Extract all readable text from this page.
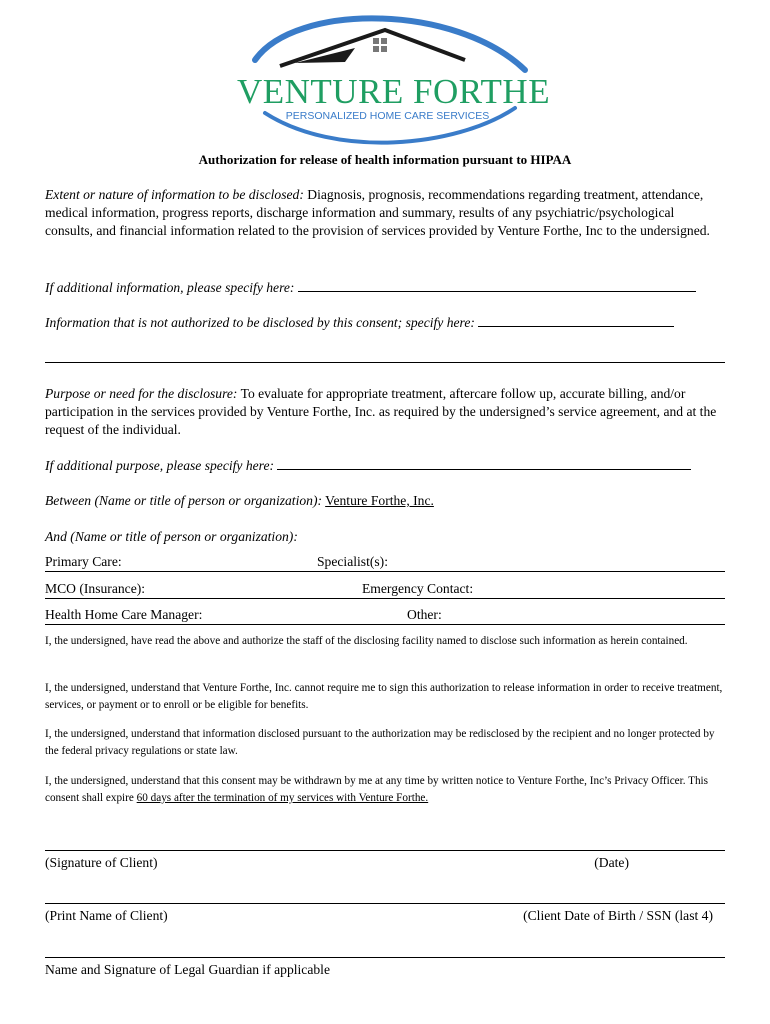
VENTURE FORTHE
PERSONALIZED HOME CARE SERVICES
Authorization for release of health information pursuant to HIPAA
Extent or nature of information to be disclosed: Diagnosis, prognosis, recommendations regarding treatment, attendance, medical information, progress reports, discharge information and summary, results of any psychiatric/psychological consults, and financial information related to the provision of services provided by Venture Forthe, Inc to the undersigned.
If additional information, please specify here:
Information that is not authorized to be disclosed by this consent; specify here:
Purpose or need for the disclosure: To evaluate for appropriate treatment, aftercare follow up, accurate billing, and/or participation in the services provided by Venture Forthe, Inc. as required by the undersigned’s service agreement, and at the request of the individual.
If additional purpose, please specify here:
Between (Name or title of person or organization): Venture Forthe, Inc.
And (Name or title of person or organization):
Primary Care:	Specialist(s):
MCO (Insurance):	Emergency Contact:
Health Home Care Manager:	Other:
I, the undersigned, have read the above and authorize the staff of the disclosing facility named to disclose such information as herein contained.
I, the undersigned, understand that Venture Forthe, Inc. cannot require me to sign this authorization to release information in order to receive treatment, services, or payment or to enroll or be eligible for benefits.
I, the undersigned, understand that information disclosed pursuant to the authorization may be redisclosed by the recipient and no longer protected by the federal privacy regulations or state law.
I, the undersigned, understand that this consent may be withdrawn by me at any time by written notice to Venture Forthe, Inc’s Privacy Officer. This consent shall expire 60 days after the termination of my services with Venture Forthe.
(Signature of Client)	(Date)
(Print Name of Client)	(Client Date of Birth / SSN (last 4)
Name and Signature of Legal Guardian if applicable
